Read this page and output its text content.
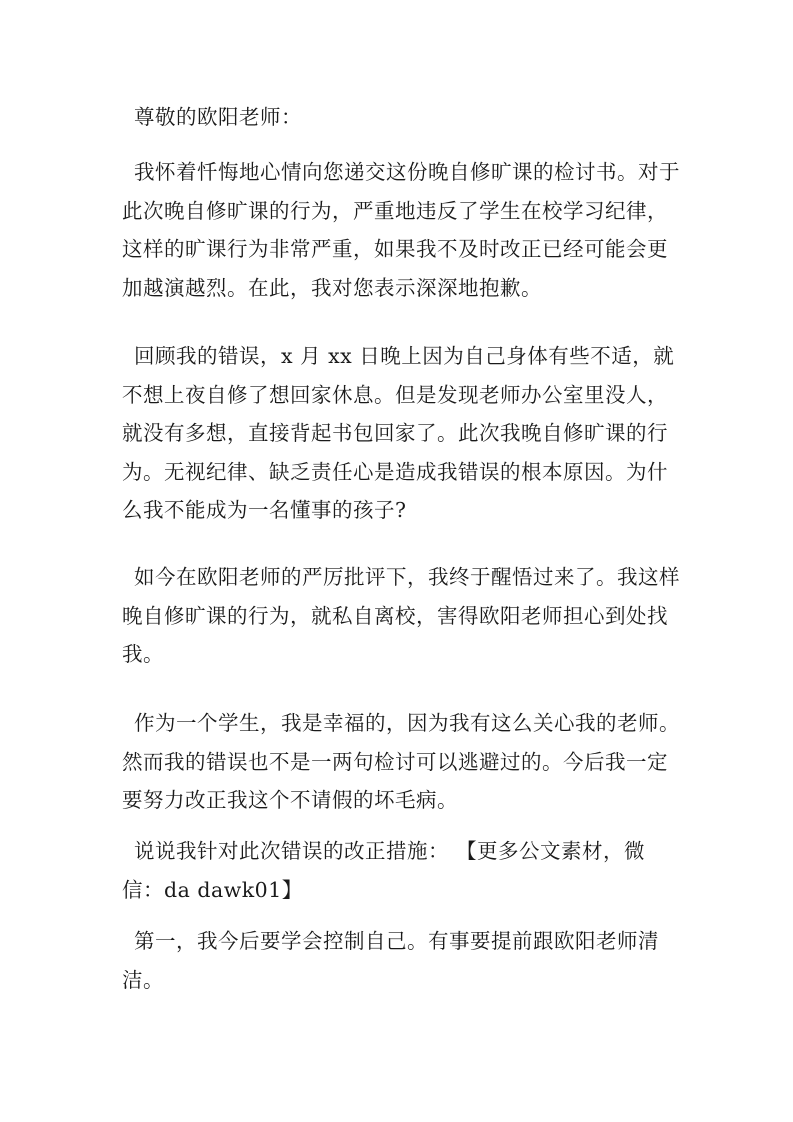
尊敬的欧阳老师：

我怀着忏悔地心情向您递交这份晚自修旷课的检讨书。对于此次晚自修旷课的行为，严重地违反了学生在校学习纪律，这样的旷课行为非常严重，如果我不及时改正已经可能会更加越演越烈。在此，我对您表示深深地抱歉。

回顾我的错误，x 月 xx 日晚上因为自己身体有些不适，就不想上夜自修了想回家休息。但是发现老师办公室里没人，就没有多想，直接背起书包回家了。此次我晚自修旷课的行为。无视纪律、缺乏责任心是造成我错误的根本原因。为什么我不能成为一名懂事的孩子?

如今在欧阳老师的严厉批评下，我终于醒悟过来了。我这样晚自修旷课的行为，就私自离校，害得欧阳老师担心到处找我。

作为一个学生，我是幸福的，因为我有这么关心我的老师。然而我的错误也不是一两句检讨可以逃避过的。今后我一定要努力改正我这个不请假的坏毛病。

说说我针对此次错误的改正措施： 【更多公文素材，微信：da dawk01】

第一，我今后要学会控制自己。有事要提前跟欧阳老师清洁。
